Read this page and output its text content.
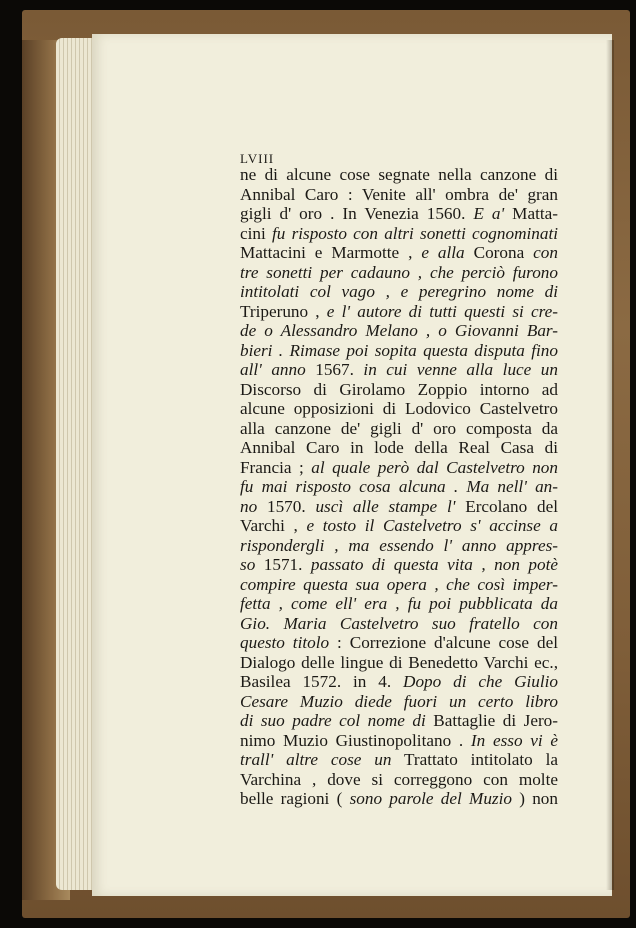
LVIII
ne di alcune cose segnate nella canzone di
Annibal Caro : Venite all' ombra de' gran
gigli d' oro . In Venezia 1560. E a' Matta-
cini fu risposto con altri sonetti cognominati
Mattacini e Marmotte , e alla Corona con
tre sonetti per cadauno , che perciò furono
intitolati col vago , e peregrino nome di
Triperuno , e l' autore di tutti questi si cre-
de o Alessandro Melano , o Giovanni Bar-
bieri . Rimase poi sopita questa disputa fino
all' anno 1567. in cui venne alla luce un
Discorso di Girolamo Zoppio intorno ad
alcune opposizioni di Lodovico Castelvetro
alla canzone de' gigli d' oro composta da
Annibal Caro in lode della Real Casa di
Francia ; al quale però dal Castelvetro non
fu mai risposto cosa alcuna . Ma nell' an-
no 1570. uscì alle stampe l' Ercolano del
Varchi , e tosto il Castelvetro s' accinse a
rispondergli , ma essendo l' anno appres-
so 1571. passato di questa vita , non potè
compire questa sua opera , che così imper-
fetta , come ell' era , fu poi pubblicata da
Gio. Maria Castelvetro suo fratello con
questo titolo : Correzione d'alcune cose del
Dialogo delle lingue di Benedetto Varchi ec.,
Basilea 1572. in 4. Dopo di che Giulio
Cesare Muzio diede fuori un certo libro
di suo padre col nome di Battaglie di Jero-
nimo Muzio Giustinopolitano . In esso vi è
trall' altre cose un Trattato intitolato la
Varchina , dove si correggono con molte
belle ragioni ( sono parole del Muzio ) non
